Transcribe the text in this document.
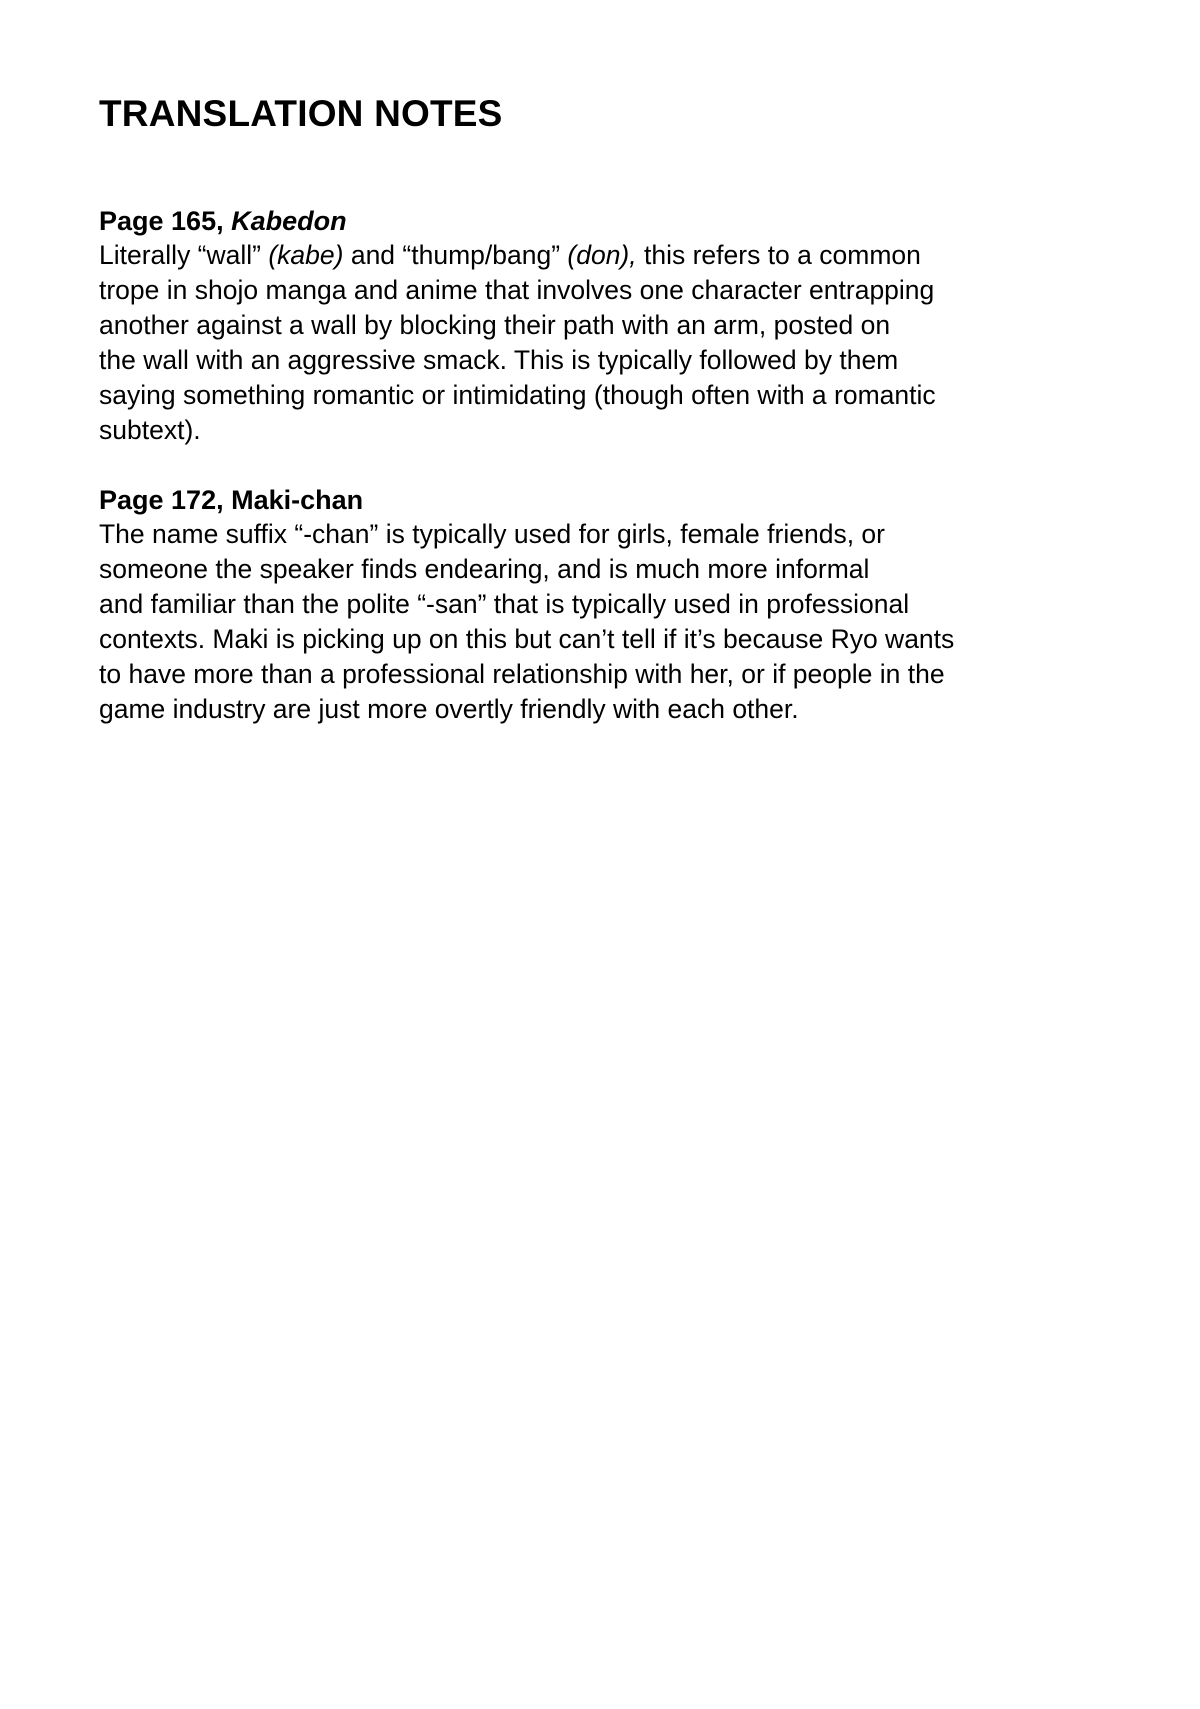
TRANSLATION NOTES

Page 165, Kabedon

Literally “wall” (kabe) and “thump/bang” (don), this refers to a common
trope in shojo manga and anime that involves one character entrapping
another against a wall by blocking their path with an arm, posted on
the wall with an aggressive smack. This is typically followed by them
saying something romantic or intimidating (though often with a romantic
subtext).

Page 172, Maki-chan

The name suffix “-chan” is typically used for girls, female friends, or
someone the speaker finds endearing, and is much more informal
and familiar than the polite “-san” that is typically used in professional
contexts. Maki is picking up on this but can’t tell if it’s because Ryo wants
to have more than a professional relationship with her, or if people in the
game industry are just more overtly friendly with each other.
